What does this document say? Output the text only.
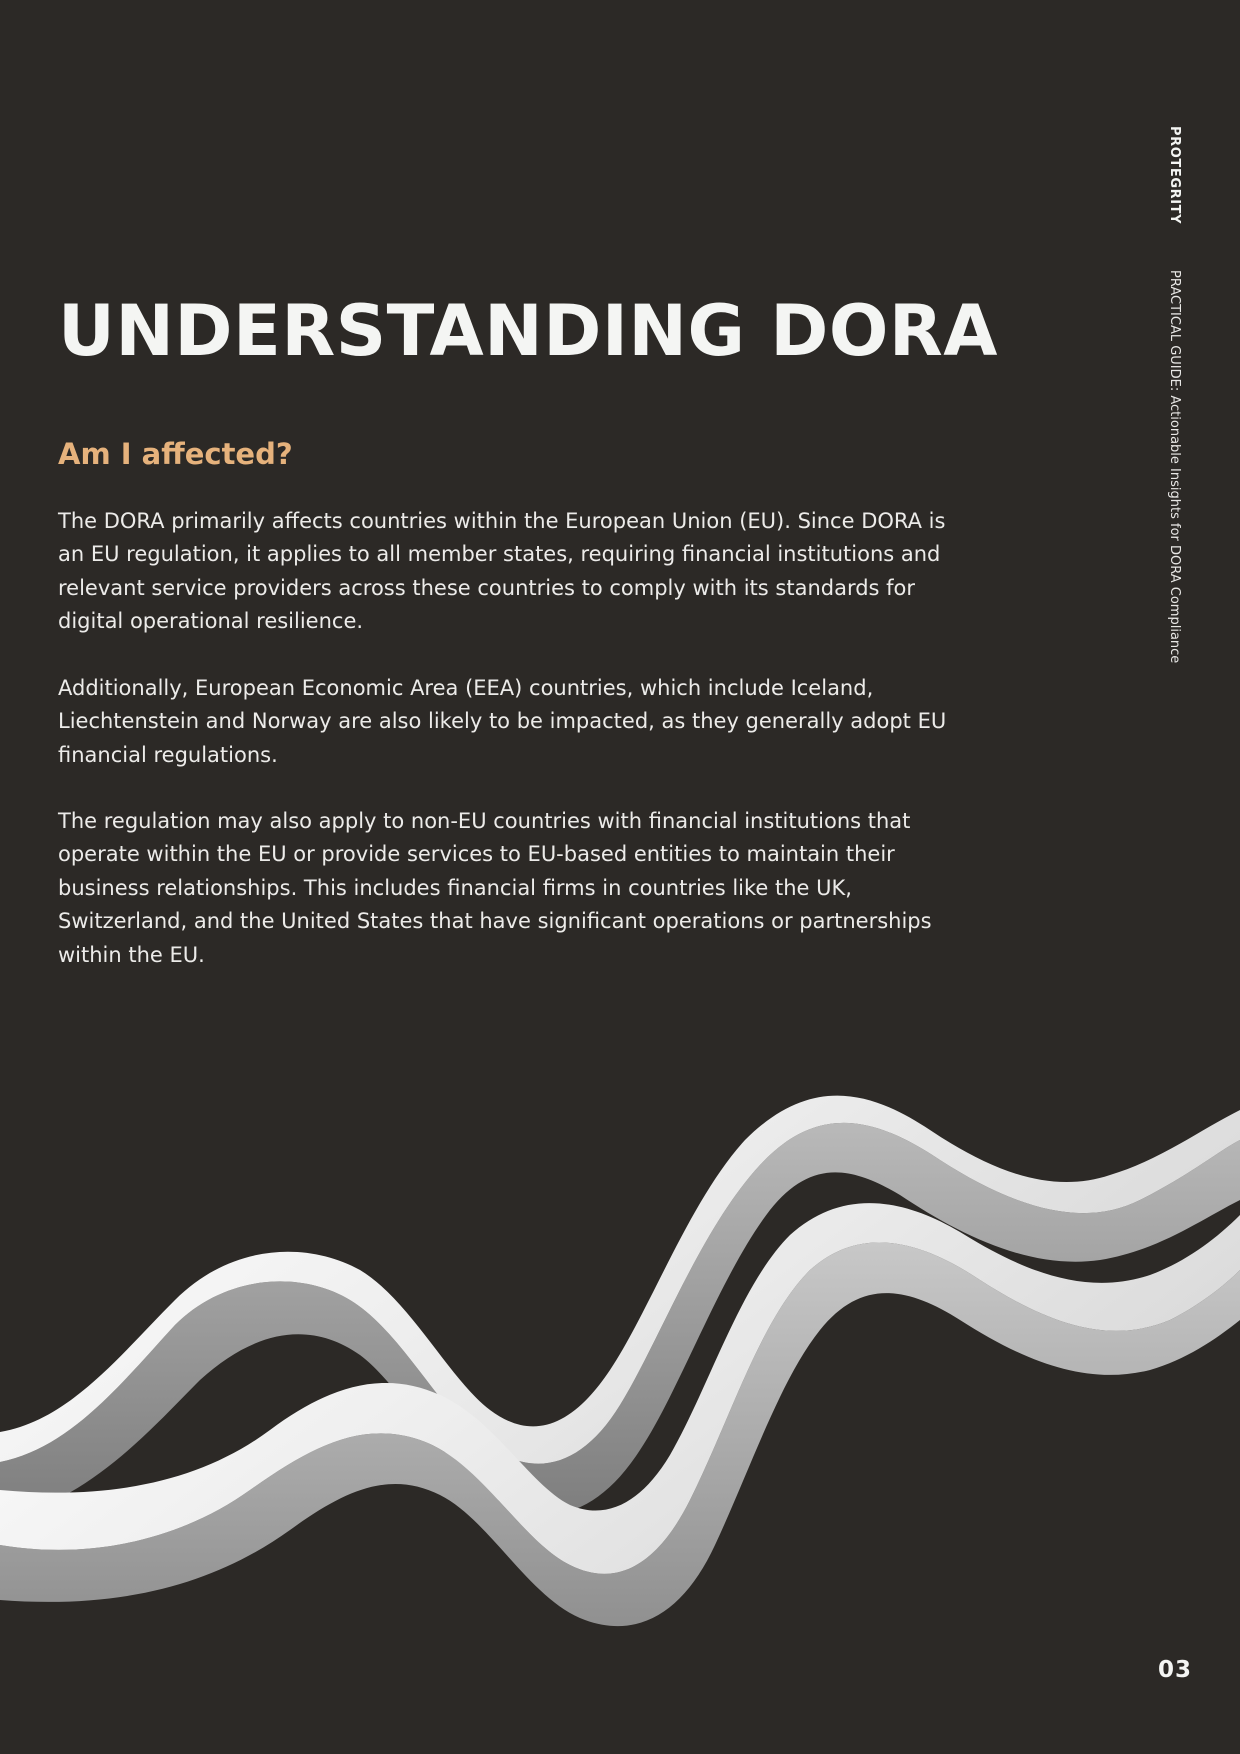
UNDERSTANDING DORA
Am I affected?

The DORA primarily affects countries within the European Union (EU). Since DORA is an EU regulation, it applies to all member states, requiring financial institutions and relevant service providers across these countries to comply with its standards for digital operational resilience.

Additionally, European Economic Area (EEA) countries, which include Iceland, Liechtenstein and Norway are also likely to be impacted, as they generally adopt EU financial regulations.

The regulation may also apply to non-EU countries with financial institutions that operate within the EU or provide services to EU-based entities to maintain their business relationships. This includes financial firms in countries like the UK, Switzerland, and the United States that have significant operations or partnerships within the EU.

PROTEGRITY
PRACTICAL GUIDE: Actionable Insights for DORA Compliance
03
